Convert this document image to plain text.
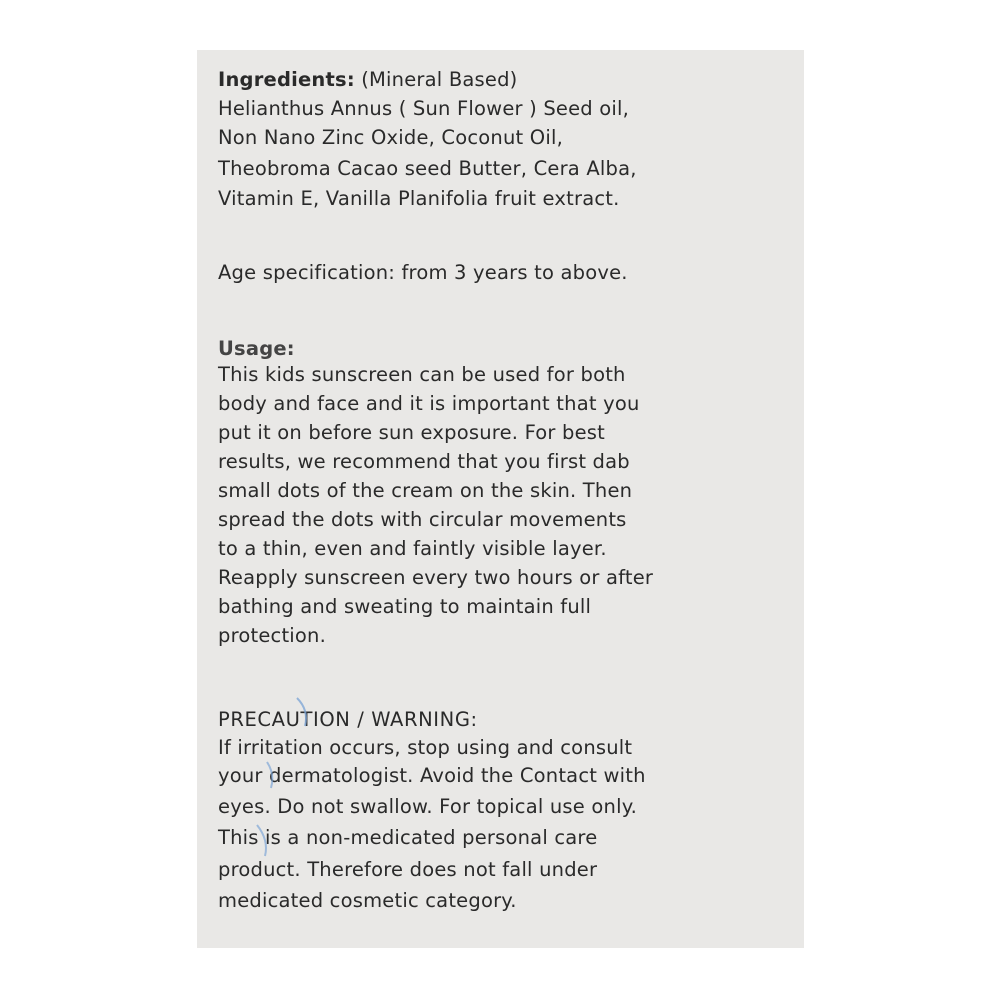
Ingredients: (Mineral Based)
Helianthus Annus ( Sun Flower ) Seed oil,
Non Nano Zinc Oxide, Coconut Oil,
Theobroma Cacao seed Butter, Cera Alba,
Vitamin E, Vanilla Planifolia fruit extract.
Age specification: from 3 years to above.
Usage:
This kids sunscreen can be used for both
body and face and it is important that you
put it on before sun exposure. For best
results, we recommend that you first dab
small dots of the cream on the skin. Then
spread the dots with circular movements
to a thin, even and faintly visible layer.
Reapply sunscreen every two hours or after
bathing and sweating to maintain full
protection.
PRECAUTION / WARNING:
If irritation occurs, stop using and consult
your dermatologist. Avoid the Contact with
eyes. Do not swallow. For topical use only.
This is a non-medicated personal care
product. Therefore does not fall under
medicated cosmetic category.
